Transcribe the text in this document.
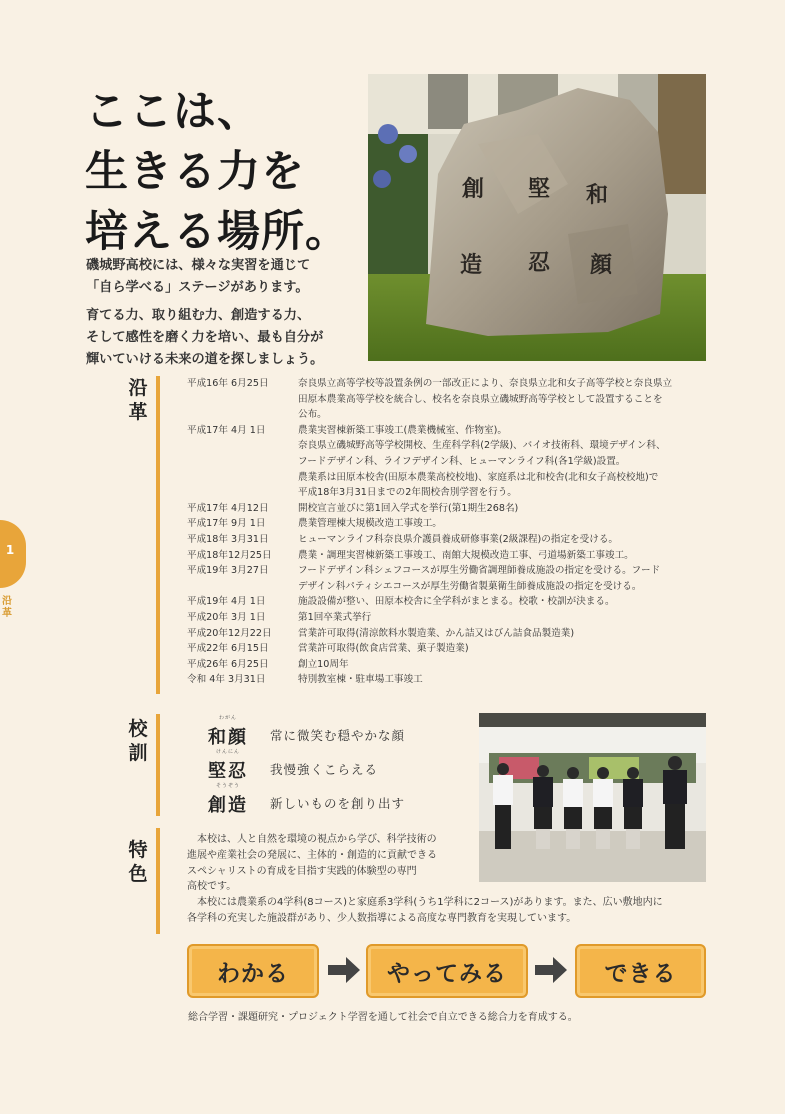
ここは、
生きる力を
培える場所。

磯城野高校には、様々な実習を通じて

「自ら学べる」ステージがあります。

育てる力、取り組む力、創造する力、

そして感性を磨く力を培い、最も自分が

輝いていける未来の道を探しましょう。

和
堅
創
顔
忍
造
1
沿革
沿革
平成16年 6月25日	奈良県立高等学校等設置条例の一部改正により、奈良県立北和女子高等学校と奈良県立
田原本農業高等学校を統合し、校名を奈良県立磯城野高等学校として設置することを
公布。
平成17年 4月 1日	農業実習棟新築工事竣工(農業機械室、作物室)。
奈良県立磯城野高等学校開校、生産科学科(2学級)、バイオ技術科、環境デザイン科、
フードデザイン科、ライフデザイン科、ヒューマンライフ科(各1学級)設置。
農業系は田原本校舎(田原本農業高校校地)、家庭系は北和校舎(北和女子高校校地)で
平成18年3月31日までの2年間校舎別学習を行う。
平成17年 4月12日	開校宣言並びに第1回入学式を挙行(第1期生268名)
平成17年 9月 1日	農業管理棟大規模改造工事竣工。
平成18年 3月31日	ヒューマンライフ科奈良県介護員養成研修事業(2級課程)の指定を受ける。
平成18年12月25日	農業・調理実習棟新築工事竣工、南館大規模改造工事、弓道場新築工事竣工。
平成19年 3月27日	フードデザイン科シェフコースが厚生労働省調理師養成施設の指定を受ける。フード
デザイン科パティシエコースが厚生労働省製菓衛生師養成施設の指定を受ける。
平成19年 4月 1日	施設設備が整い、田原本校舎に全学科がまとまる。校歌・校訓が決まる。
平成20年 3月 1日	第1回卒業式挙行
平成20年12月22日	営業許可取得(清涼飲料水製造業、かん詰又はびん詰食品製造業)
平成22年 6月15日	営業許可取得(飲食店営業、菓子製造業)
平成26年 6月25日	創立10周年
令和 4年 3月31日	特別教室棟・駐車場工事竣工
校訓
わがん
和顔	常に微笑む穏やかな顔
けんにん
堅忍	我慢強くこらえる
そうぞう
創造	新しいものを創り出す
特色

　本校は、人と自然を環境の視点から学び、科学技術の

進展や産業社会の発展に、主体的・創造的に貢献できる

スペシャリストの育成を目指す実践的体験型の専門

高校です。

　本校には農業系の4学科(8コース)と家庭系3学科(うち1学科に2コース)があります。また、広い敷地内に

各学科の充実した施設群があり、少人数指導による高度な専門教育を実現しています。

わかる	やってみる	できる
総合学習・課題研究・プロジェクト学習を通して社会で自立できる総合力を育成する。
